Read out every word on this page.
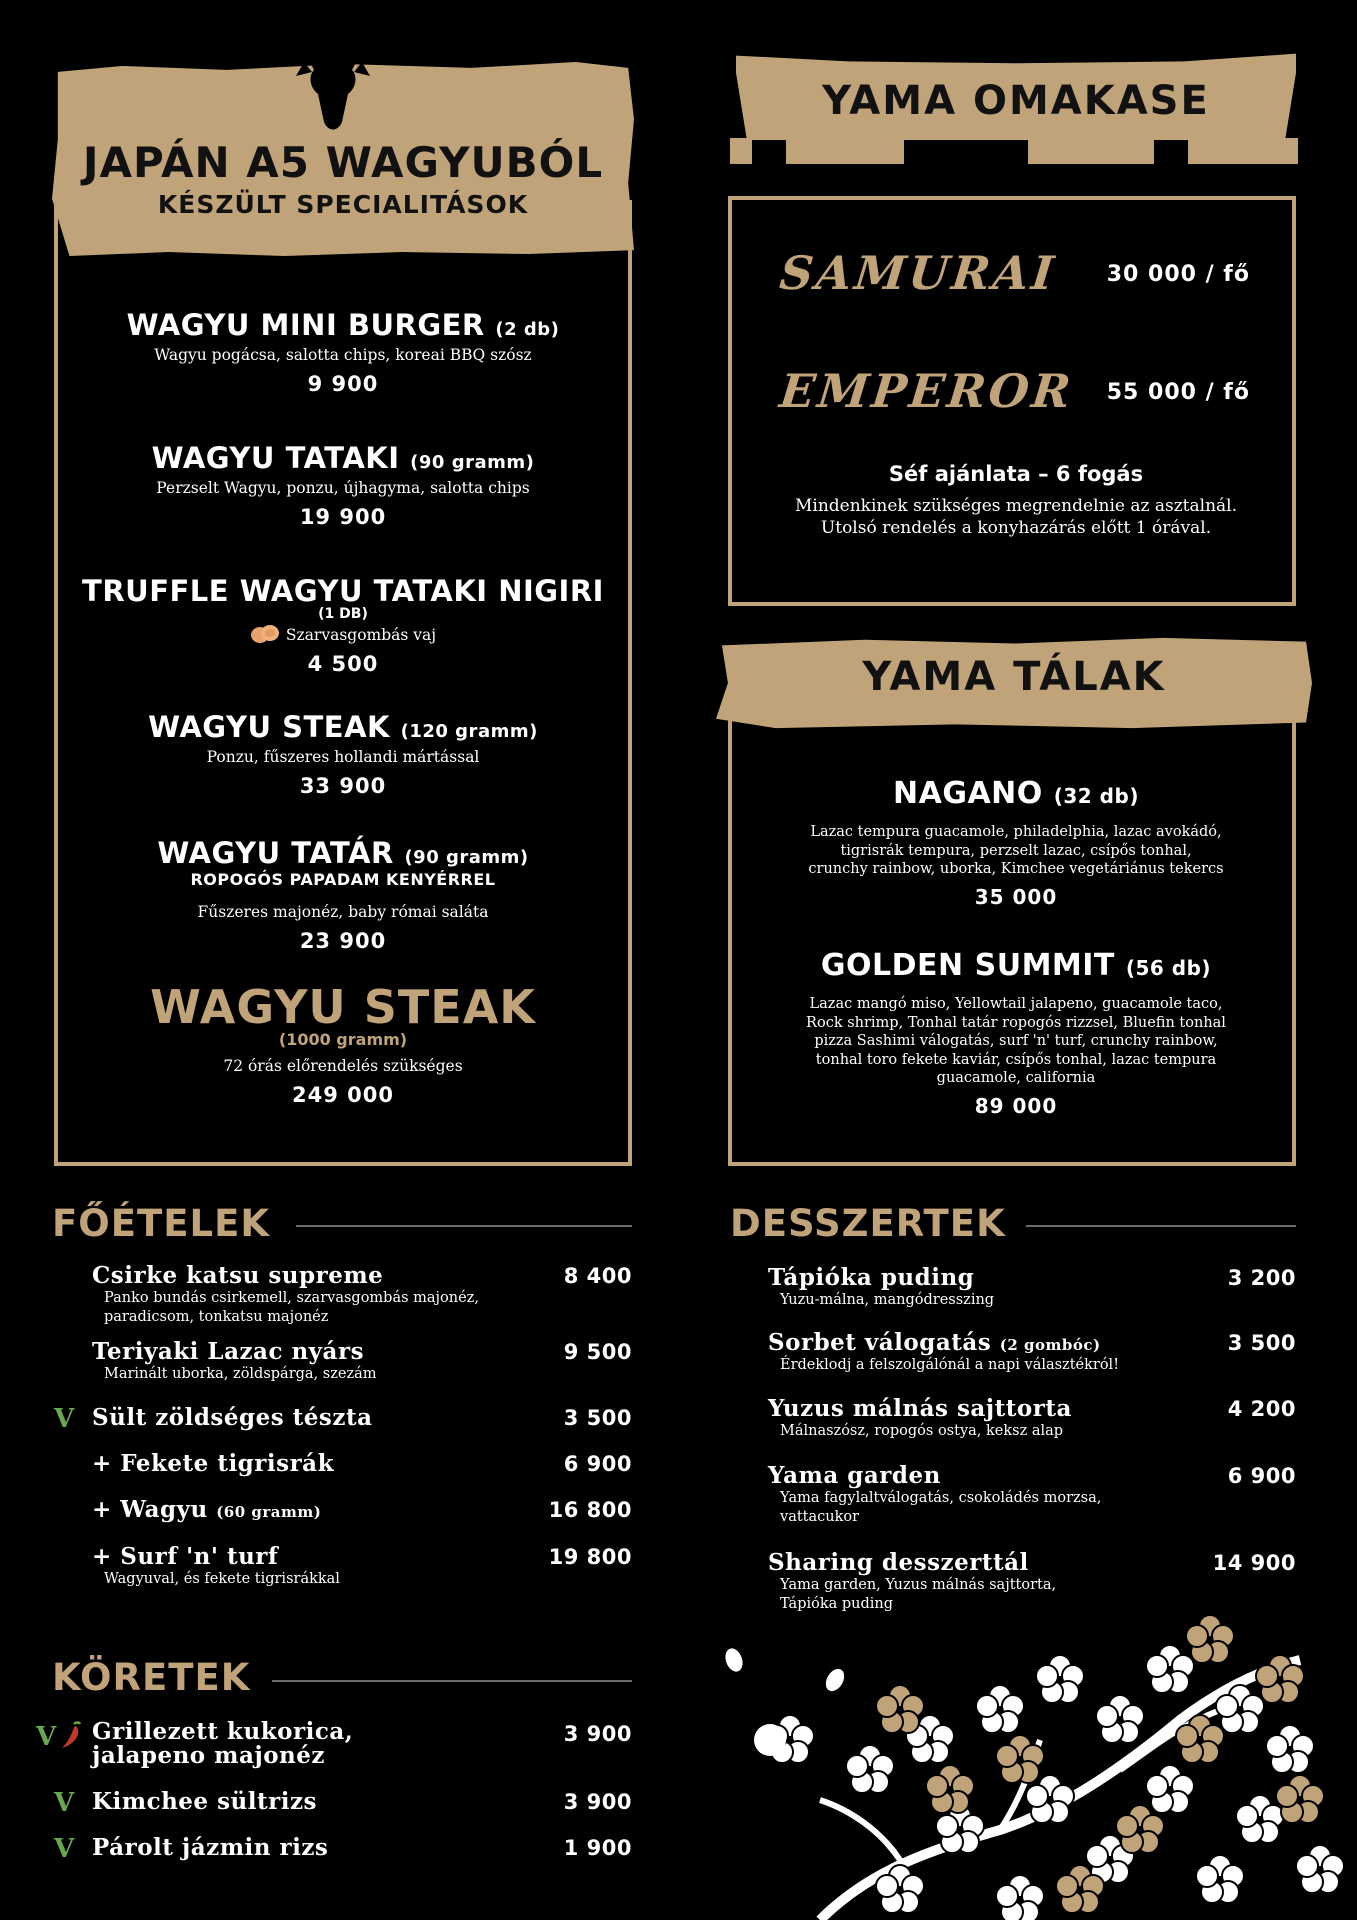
JAPÁN A5 WAGYUBÓL
KÉSZÜLT SPECIALITÁSOK
WAGYU MINI BURGER (2 db)
Wagyu pogácsa, salotta chips, koreai BBQ szósz
9 900
WAGYU TATAKI (90 gramm)
Perzselt Wagyu, ponzu, újhagyma, salotta chips
19 900
TRUFFLE WAGYU TATAKI NIGIRI
(1 DB)
Szarvasgombás vaj
4 500
WAGYU STEAK (120 gramm)
Ponzu, fűszeres hollandi mártással
33 900
WAGYU TATÁR (90 gramm)
ROPOGÓS PAPADAM KENYÉRREL
Fűszeres majonéz, baby római saláta
23 900
WAGYU STEAK
(1000 gramm)
72 órás előrendelés szükséges
249 000
YAMA OMAKASE
SAMURAI	30 000 / fő
EMPEROR	55 000 / fő
Séf ajánlata – 6 fogás
Mindenkinek szükséges megrendelnie az asztalnál.
Utolsó rendelés a konyhazárás előtt 1 órával.
YAMA TÁLAK
NAGANO (32 db)
Lazac tempura guacamole, philadelphia, lazac avokádó,
tigrisrák tempura, perzselt lazac, csípős tonhal,
crunchy rainbow, uborka, Kimchee vegetáriánus tekercs
35 000
GOLDEN SUMMIT (56 db)
Lazac mangó miso, Yellowtail jalapeno, guacamole taco,
Rock shrimp, Tonhal tatár ropogós rizzsel, Bluefin tonhal
pizza Sashimi válogatás, surf 'n' turf, crunchy rainbow,
tonhal toro fekete kaviár, csípős tonhal, lazac tempura
guacamole, california
89 000
FŐÉTELEK
Csirke katsu supreme	8 400
Panko bundás csirkemell, szarvasgombás majonéz,
paradicsom, tonkatsu majonéz
Teriyaki Lazac nyárs	9 500
Marinált uborka, zöldspárga, szezám
V Sült zöldséges tészta	3 500
+ Fekete tigrisrák	6 900
+ Wagyu (60 gramm)	16 800
+ Surf 'n' turf	19 800
Wagyuval, és fekete tigrisrákkal
KÖRETEK
V Grillezett kukorica,
jalapeno majonéz
3 900
V Kimchee sültrizs	3 900
V Párolt jázmin rizs	1 900
DESSZERTEK
Tápióka puding	3 200
Yuzu-málna, mangódresszing
Sorbet válogatás (2 gombóc)	3 500
Érdeklodj a felszolgálónál a napi választékról!
Yuzus málnás sajttorta	4 200
Málnaszósz, ropogós ostya, keksz alap
Yama garden	6 900
Yama fagylaltválogatás, csokoládés morzsa,
vattacukor
Sharing desszerttál	14 900
Yama garden, Yuzus málnás sajttorta,
Tápióka puding
